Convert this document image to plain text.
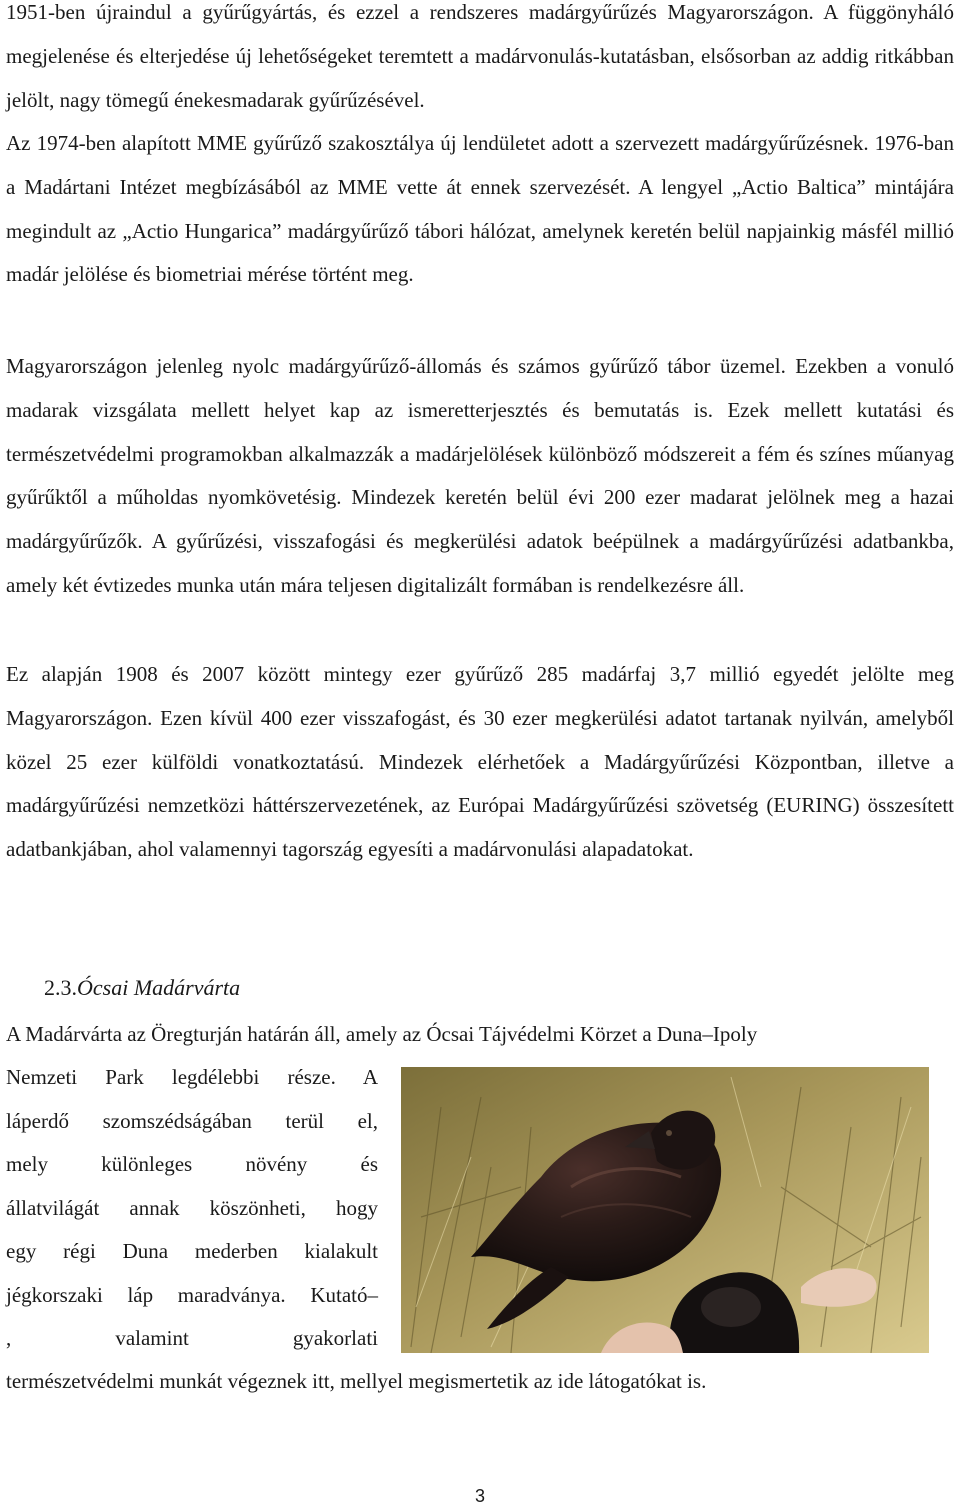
1951-ben újraindul a gyűrűgyártás, és ezzel a rendszeres madárgyűrűzés Magyarországon. A függönyháló megjelenése és elterjedése új lehetőségeket teremtett a madárvonulás-kutatásban, elsősorban az addig ritkábban jelölt, nagy tömegű énekesmadarak gyűrűzésével.

Az 1974-ben alapított MME gyűrűző szakosztálya új lendületet adott a szervezett madárgyűrűzésnek. 1976-ban a Madártani Intézet megbízásából az MME vette át ennek szervezését. A lengyel „Actio Baltica” mintájára megindult az „Actio Hungarica” madárgyűrűző tábori hálózat, amelynek keretén belül napjainkig másfél millió madár jelölése és biometriai mérése történt meg.

Magyarországon jelenleg nyolc madárgyűrűző-állomás és számos gyűrűző tábor üzemel. Ezekben a vonuló madarak vizsgálata mellett helyet kap az ismeretterjesztés és bemutatás is. Ezek mellett kutatási és természetvédelmi programokban alkalmazzák a madárjelölések különböző módszereit a fém és színes műanyag gyűrűktől a műholdas nyomkövetésig. Mindezek keretén belül évi 200 ezer madarat jelölnek meg a hazai madárgyűrűzők. A gyűrűzési, visszafogási és megkerülési adatok beépülnek a madárgyűrűzési adatbankba, amely két évtizedes munka után mára teljesen digitalizált formában is rendelkezésre áll.

Ez alapján 1908 és 2007 között mintegy ezer gyűrűző 285 madárfaj 3,7 millió egyedét jelölte meg Magyarországon. Ezen kívül 400 ezer visszafogást, és 30 ezer megkerülési adatot tartanak nyilván, amelyből közel 25 ezer külföldi vonatkoztatású. Mindezek elérhetőek a Madárgyűrűzési Központban, illetve a madárgyűrűzési nemzetközi háttérszervezetének, az Európai Madárgyűrűzési szövetség (EURING) összesített adatbankjában, ahol valamennyi tagország egyesíti a madárvonulási alapadatokat.

2.3.Ócsai Madárvárta

A Madárvárta az Öregturján határán áll, amely az Ócsai Tájvédelmi Körzet a Duna–Ipoly

Nemzeti Park legdélebbi része. A
láperdő szomszédságában terül el,
mely különleges növény és
állatvilágát annak köszönheti, hogy
egy régi Duna mederben kialakult
jégkorszaki láp maradványa. Kutató–
, valamint gyakorlati

természetvédelmi munkát végeznek itt, mellyel megismertetik az ide látogatókat is.

3
